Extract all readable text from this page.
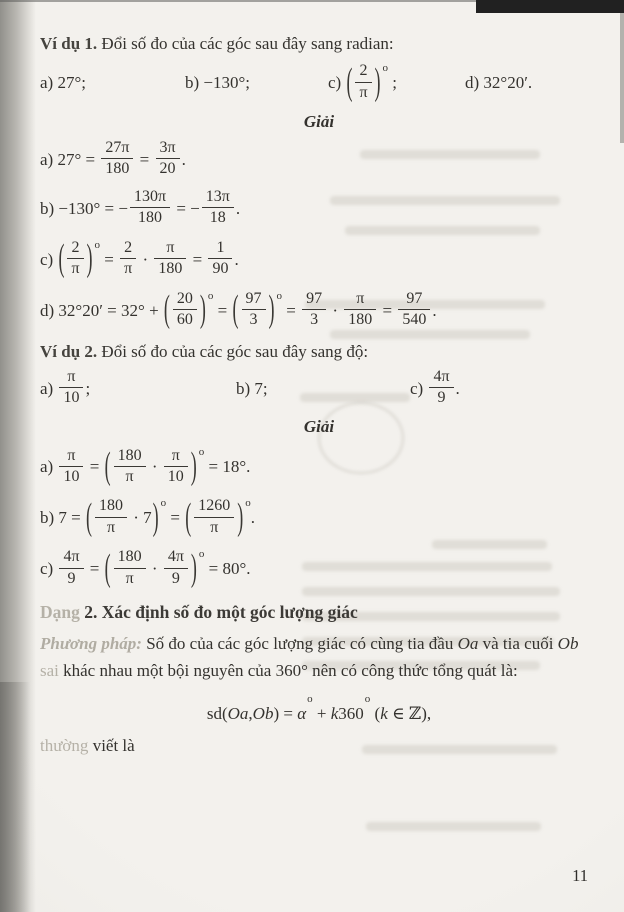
Ví dụ 1. Đổi số đo của các góc sau đây sang radian:

a) 27°;	b) −130°;	c) ( $\frac{2}{\pi}$ ) $^o$ ;	d) 32°20′.

Giải

a) $27^\circ = \frac{27\pi}{180} = \frac{3\pi}{20}$ .
b) −130° = − $\frac{130\pi}{180}$ = − $\frac{13\pi}{18}$ .
c) ( $\frac{2}{\pi}$ ) $^o = \frac{2}{\pi} \cdot \frac{\pi}{180} = \frac{1}{90}$ .
d) 32°20′ = 32° + ( $\frac{20}{60}$ ) $^o$ = ( $\frac{97}{3}$ ) $^o = \frac{97}{3} \cdot \frac{\pi}{180} = \frac{97}{540}$ .

Ví dụ 2. Đổi số đo của các góc sau đây sang độ:

$a) \frac{\pi}{10}$ ;	b) 7;	$c) \frac{4\pi}{9}$ .

Giải

$a) \frac{\pi}{10}$ = ( $\frac{180}{\pi} \cdot \frac{\pi}{10}$ ) $^o$ = 18°.
b) 7 = ( $\frac{180}{\pi} \cdot 7$) $^o$ = ( $\frac{1260}{\pi}$ ) $^o$.
$c) \frac{4\pi}{9}$ = ( $\frac{180}{\pi} \cdot \frac{4\pi}{9}$ ) $^o$ = 80°.

Dạng 2. Xác định số đo một góc lượng giác

Phương pháp: Số đo của các góc lượng giác có cùng tia đầu Oa và tia cuối Ob

sai khác nhau một bội nguyên của 360° nên có công thức tổng quát là:

$sd(Oa,Ob) = \alpha^o + k360^o$ (k ∈ ℤ),

thường viết là

11
